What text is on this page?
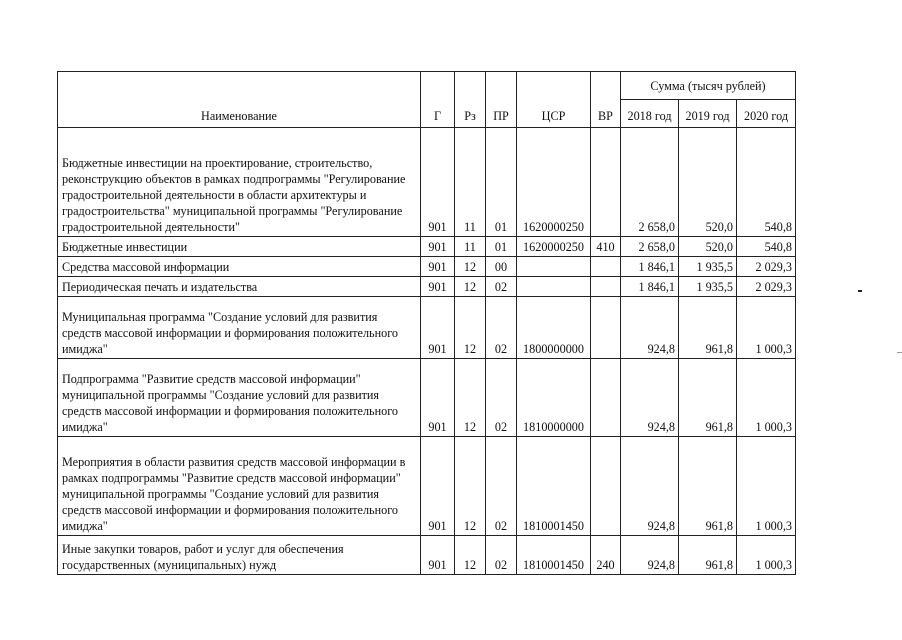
Наименование	Г	Рз	ПР	ЦСР	ВР	Сумма (тысяч рублей)		
						2018 год	2019 год	2020 год
Бюджетные инвестиции на проектирование, строительство, реконструкцию объектов в рамках подпрограммы "Регулирование градостроительной деятельности в области архитектуры и градостроительства" муниципальной программы "Регулирование градостроительной деятельности"	901	11	01	1620000250		2 658,0	520,0	540,8
Бюджетные инвестиции	901	11	01	1620000250	410	2 658,0	520,0	540,8
Средства массовой информации	901	12	00			1 846,1	1 935,5	2 029,3
Периодическая печать и издательства	901	12	02			1 846,1	1 935,5	2 029,3
Муниципальная программа "Создание условий для развития средств массовой информации и формирования положительного имиджа"	901	12	02	1800000000		924,8	961,8	1 000,3
Подпрограмма "Развитие средств массовой информации" муниципальной программы "Создание условий для развития средств массовой информации и формирования положительного имиджа"	901	12	02	1810000000		924,8	961,8	1 000,3
Мероприятия в области развития средств массовой информации в рамках подпрограммы "Развитие средств массовой информации" муниципальной программы "Создание условий для развития средств массовой информации и формирования положительного имиджа"	901	12	02	1810001450		924,8	961,8	1 000,3
Иные закупки товаров, работ и услуг для обеспечения государственных (муниципальных) нужд	901	12	02	1810001450	240	924,8	961,8	1 000,3
